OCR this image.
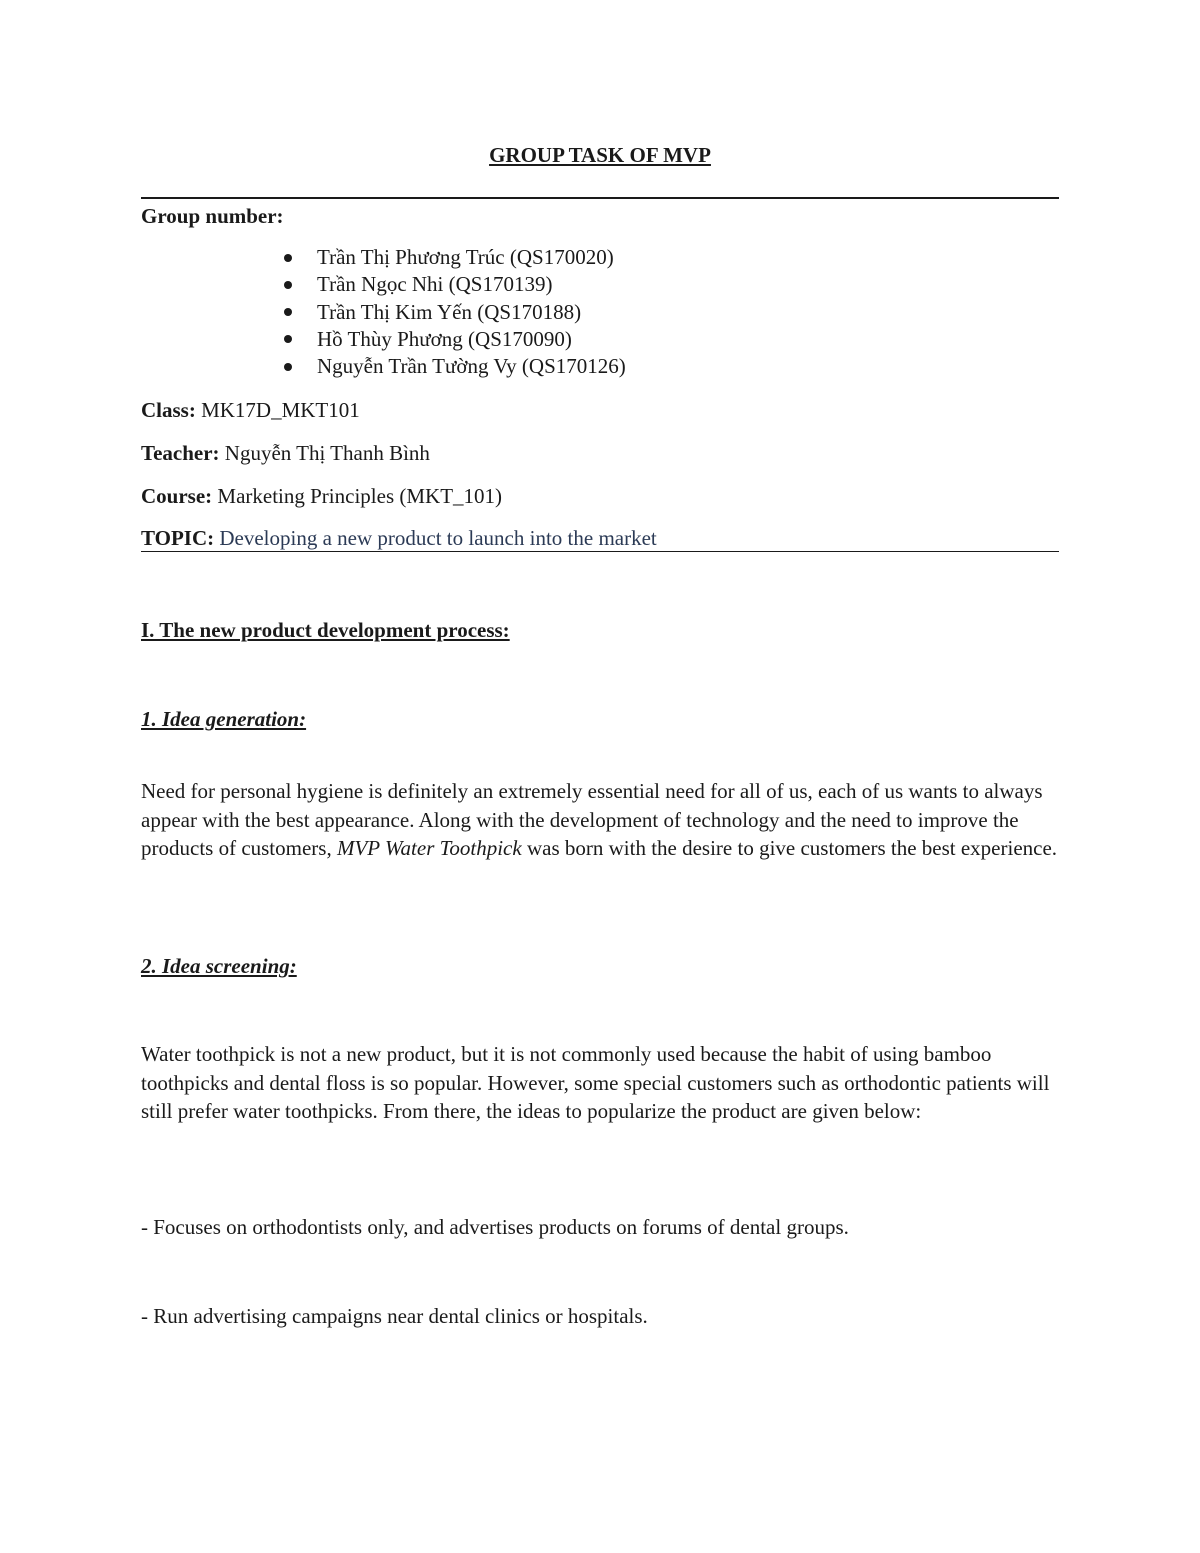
GROUP TASK OF MVP
Group number:
Trần Thị Phương Trúc (QS170020)
Trần Ngọc Nhi (QS170139)
Trần Thị Kim Yến (QS170188)
Hồ Thùy Phương (QS170090)
Nguyễn Trần Tường Vy (QS170126)
Class: MK17D_MKT101
Teacher: Nguyễn Thị Thanh Bình
Course: Marketing Principles (MKT_101)
TOPIC: Developing a new product to launch into the market
I. The new product development process:
1. Idea generation:
Need for personal hygiene is definitely an extremely essential need for all of us, each of us wants to always appear with the best appearance. Along with the development of technology and the need to improve the products of customers, MVP Water Toothpick was born with the desire to give customers the best experience.
2. Idea screening:
Water toothpick is not a new product, but it is not commonly used because the habit of using bamboo toothpicks and dental floss is so popular. However, some special customers such as orthodontic patients will still prefer water toothpicks. From there, the ideas to popularize the product are given below:
- Focuses on orthodontists only, and advertises products on forums of dental groups.
- Run advertising campaigns near dental clinics or hospitals.
